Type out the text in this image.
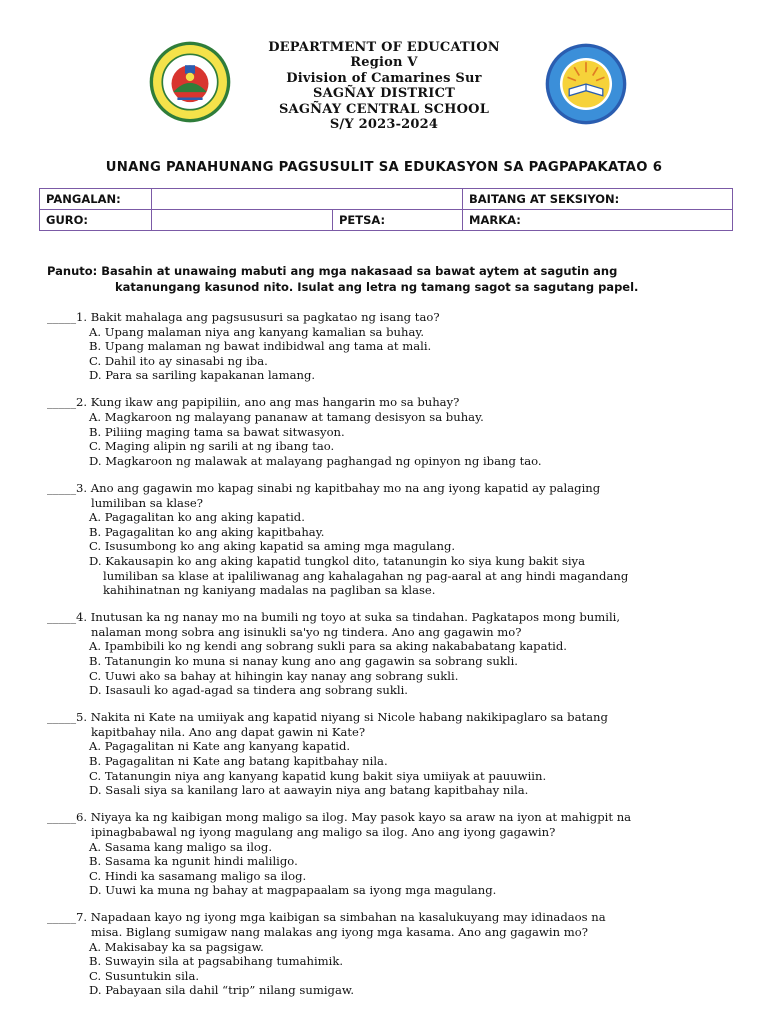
DEPARTMENT OF EDUCATION
Region V
Division of Camarines Sur
SAGÑAY DISTRICT
SAGÑAY CENTRAL SCHOOL
S/Y 2023-2024
UNANG PANAHUNANG PAGSUSULIT SA EDUKASYON SA PAGPAPAKATAO 6
PANGALAN:			BAITANG AT SEKSIYON:
GURO:		PETSA:	MARKA:
Panuto: Basahin at unawaing mabuti ang mga nakasaad sa bawat aytem at sagutin ang
katanungang kasunod nito. Isulat ang letra ng tamang sagot sa sagutang papel.
_____1. Bakit mahalaga ang pagsususuri sa pagkatao ng isang tao?
A. Upang malaman niya ang kanyang kamalian sa buhay.
B. Upang malaman ng bawat indibidwal ang tama at mali.
C. Dahil ito ay sinasabi ng iba.
D. Para sa sariling kapakanan lamang.
_____2. Kung ikaw ang papipiliin, ano ang mas hangarin mo sa buhay?
A. Magkaroon ng malayang pananaw at tamang desisyon sa buhay.
B. Piliing maging tama sa bawat sitwasyon.
C. Maging alipin ng sarili at ng ibang tao.
D. Magkaroon ng malawak at malayang paghangad ng opinyon ng ibang tao.
_____3. Ano ang gagawin mo kapag sinabi ng kapitbahay mo na ang iyong kapatid ay palaging
lumiliban sa klase?
A. Pagagalitan ko ang aking kapatid.
B. Pagagalitan ko ang aking kapitbahay.
C. Isusumbong ko ang aking kapatid sa aming mga magulang.
D. Kakausapin ko ang aking kapatid tungkol dito, tatanungin ko siya kung bakit siya
lumiliban sa klase at ipaliliwanag ang kahalagahan ng pag-aaral at ang hindi magandang
kahihinatnan ng kaniyang madalas na pagliban sa klase.
_____4. Inutusan ka ng nanay mo na bumili ng toyo at suka sa tindahan. Pagkatapos mong bumili,
nalaman mong sobra ang isinukli sa'yo ng tindera. Ano ang gagawin mo?
A. Ipambibili ko ng kendi ang sobrang sukli para sa aking nakababatang kapatid.
B. Tatanungin ko muna si nanay kung ano ang gagawin sa sobrang sukli.
C. Uuwi ako sa bahay at hihingin kay nanay ang sobrang sukli.
D. Isasauli ko agad-agad sa tindera ang sobrang sukli.
_____5. Nakita ni Kate na umiiyak ang kapatid niyang si Nicole habang nakikipaglaro sa batang
kapitbahay nila. Ano ang dapat gawin ni Kate?
A. Pagagalitan ni Kate ang kanyang kapatid.
B. Pagagalitan ni Kate ang batang kapitbahay nila.
C. Tatanungin niya ang kanyang kapatid kung bakit siya umiiyak at pauuwiin.
D. Sasali siya sa kanilang laro at aawayin niya ang batang kapitbahay nila.
_____6. Niyaya ka ng kaibigan mong maligo sa ilog. May pasok kayo sa araw na iyon at mahigpit na
ipinagbabawal ng iyong magulang ang maligo sa ilog. Ano ang iyong gagawin?
A. Sasama kang maligo sa ilog.
B. Sasama ka ngunit hindi maliligo.
C. Hindi ka sasamang maligo sa ilog.
D. Uuwi ka muna ng bahay at magpapaalam sa iyong mga magulang.
_____7. Napadaan kayo ng iyong mga kaibigan sa simbahan na kasalukuyang may idinadaos na
misa. Biglang sumigaw nang malakas ang iyong mga kasama. Ano ang gagawin mo?
A. Makisabay ka sa pagsigaw.
B. Suwayin sila at pagsabihang tumahimik.
C. Susuntukin sila.
D. Pabayaan sila dahil “trip” nilang sumigaw.
